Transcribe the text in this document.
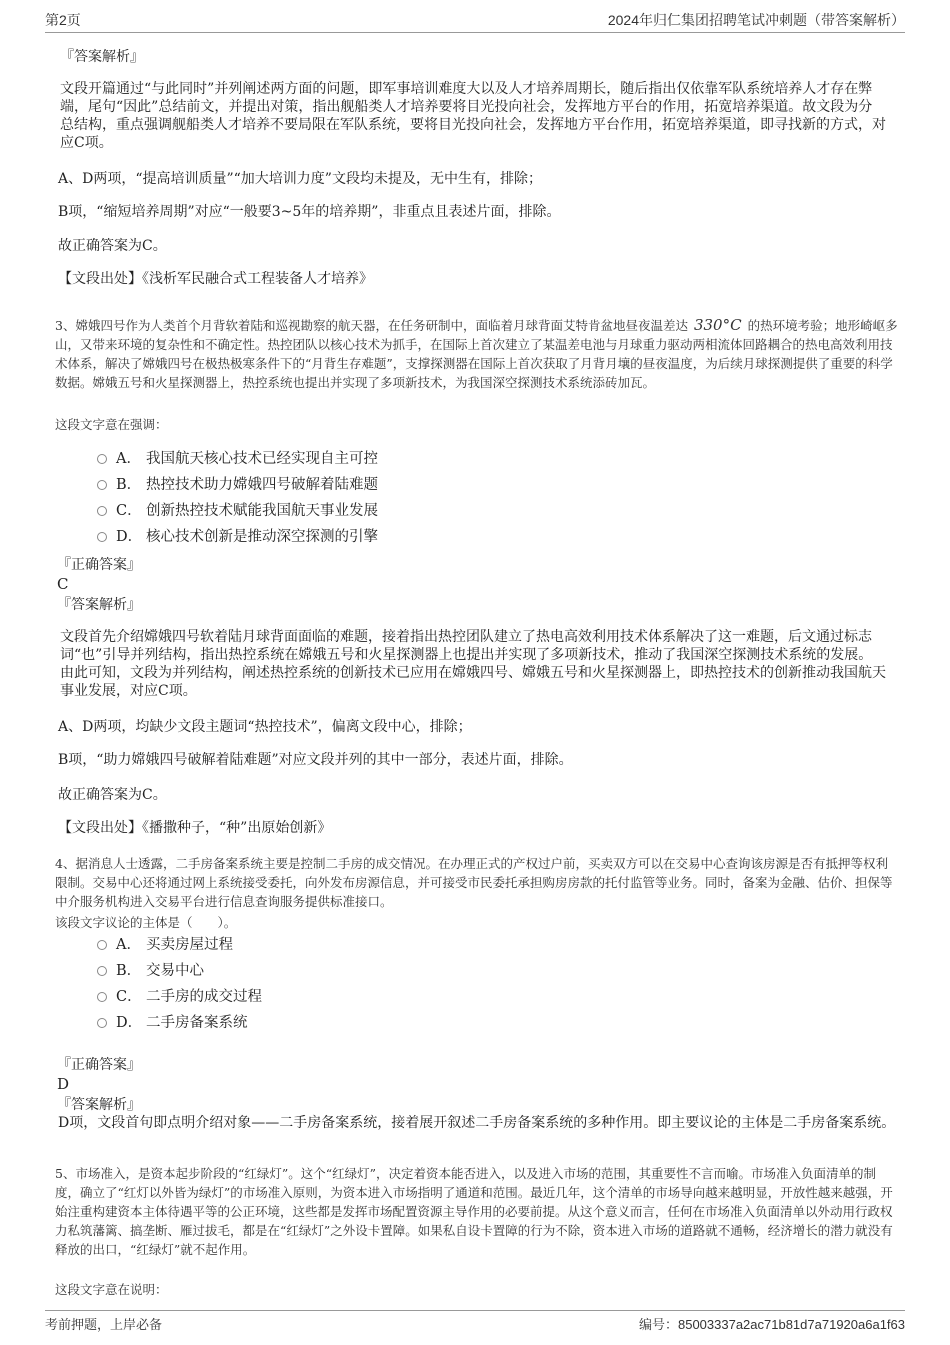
第2页	2024年归仁集团招聘笔试冲刺题（带答案解析）
『答案解析』
文段开篇通过“与此同时”并列阐述两方面的问题，即军事培训难度大以及人才培养周期长，随后指出仅依靠军队系统培养人才存在弊端，尾句“因此”总结前文，并提出对策，指出舰船类人才培养要将目光投向社会，发挥地方平台的作用，拓宽培养渠道。故文段为分总结构，重点强调舰船类人才培养不要局限在军队系统，要将目光投向社会，发挥地方平台作用，拓宽培养渠道，即寻找新的方式，对应C项。
A、D两项，“提高培训质量”“加大培训力度”文段均未提及，无中生有，排除；
B项，“缩短培养周期”对应“一般要3~5年的培养期”，非重点且表述片面，排除。
故正确答案为C。
【文段出处】《浅析军民融合式工程装备人才培养》
3、嫦娥四号作为人类首个月背软着陆和巡视勘察的航天器，在任务研制中，面临着月球背面艾特肯盆地昼夜温差达 330°C 的热环境考验；地形崎岖多山，又带来环境的复杂性和不确定性。热控团队以核心技术为抓手，在国际上首次建立了某温差电池与月球重力驱动两相流体回路耦合的热电高效利用技术体系，解决了嫦娥四号在极热极寒条件下的“月背生存难题”，支撑探测器在国际上首次获取了月背月壤的昼夜温度，为后续月球探测提供了重要的科学数据。嫦娥五号和火星探测器上，热控系统也提出并实现了多项新技术，为我国深空探测技术系统添砖加瓦。
这段文字意在强调：
A． 我国航天核心技术已经实现自主可控
B． 热控技术助力嫦娥四号破解着陆难题
C． 创新热控技术赋能我国航天事业发展
D． 核心技术创新是推动深空探测的引擎
『正确答案』
C
『答案解析』
文段首先介绍嫦娥四号软着陆月球背面面临的难题，接着指出热控团队建立了热电高效利用技术体系解决了这一难题，后文通过标志词“也”引导并列结构，指出热控系统在嫦娥五号和火星探测器上也提出并实现了多项新技术，推动了我国深空探测技术系统的发展。由此可知，文段为并列结构，阐述热控系统的创新技术已应用在嫦娥四号、嫦娥五号和火星探测器上，即热控技术的创新推动我国航天事业发展，对应C项。
A、D两项，均缺少文段主题词“热控技术”，偏离文段中心，排除；
B项，“助力嫦娥四号破解着陆难题”对应文段并列的其中一部分，表述片面，排除。
故正确答案为C。
【文段出处】《播撒种子，“种”出原始创新》
4、据消息人士透露，二手房备案系统主要是控制二手房的成交情况。在办理正式的产权过户前，买卖双方可以在交易中心查询该房源是否有抵押等权利限制。交易中心还将通过网上系统接受委托，向外发布房源信息，并可接受市民委托承担购房房款的托付监管等业务。同时，备案为金融、估价、担保等中介服务机构进入交易平台进行信息查询服务提供标准接口。
该段文字议论的主体是（　　）。
A． 买卖房屋过程
B． 交易中心
C． 二手房的成交过程
D． 二手房备案系统
『正确答案』
D
『答案解析』
D项，文段首句即点明介绍对象——二手房备案系统，接着展开叙述二手房备案系统的多种作用。即主要议论的主体是二手房备案系统。
5、市场准入，是资本起步阶段的“红绿灯”。这个“红绿灯”，决定着资本能否进入，以及进入市场的范围，其重要性不言而喻。市场准入负面清单的制度，确立了“红灯以外皆为绿灯”的市场准入原则，为资本进入市场指明了通道和范围。最近几年，这个清单的市场导向越来越明显，开放性越来越强，开始注重构建资本主体待遇平等的公正环境，这些都是发挥市场配置资源主导作用的必要前提。从这个意义而言，任何在市场准入负面清单以外动用行政权力私筑藩篱、搞垄断、雁过拔毛，都是在“红绿灯”之外设卡置障。如果私自设卡置障的行为不除，资本进入市场的道路就不通畅，经济增长的潜力就没有释放的出口，“红绿灯”就不起作用。
这段文字意在说明：
考前押题，上岸必备	编号：85003337a2ac71b81d7a71920a6a1f63
